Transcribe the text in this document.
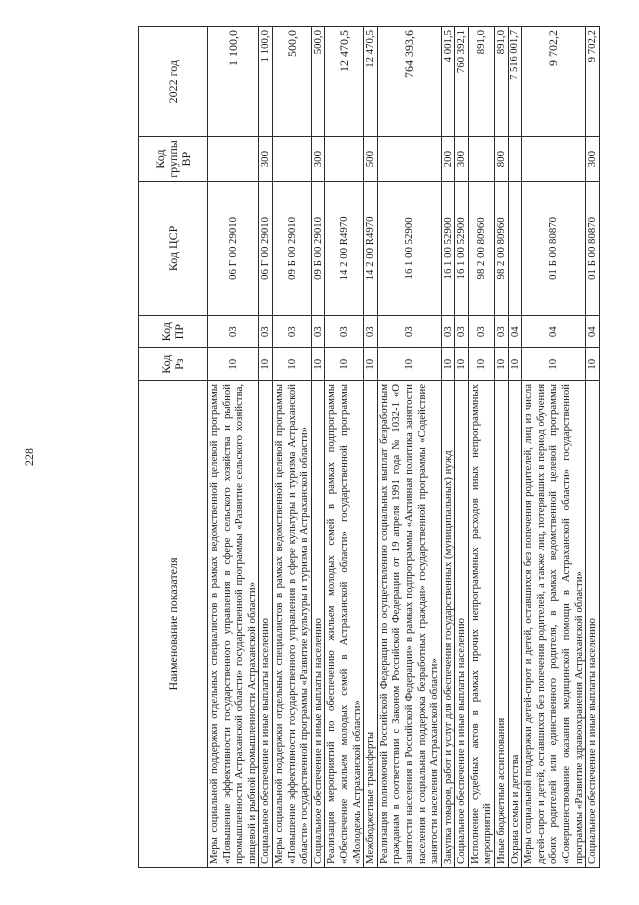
228
Наименование показателя	Код Рз	Код ПР	Код ЦСР	Код группы ВР	2022 год
Меры социальной поддержки отдельных специалистов в рамках ведомственной целевой программы «Повышение эффективности государственного управления в сфере сельского хозяйства и рыбной промышленности Астраханской области» государственной программы «Развитие сельского хозяйства, пищевой и рыбной промышленности Астраханской области»	10	03	06 Г 00 29010		1 100,0
Социальное обеспечение и иные выплаты населению	10	03	06 Г 00 29010	300	1 100,0
Меры социальной поддержки отдельных специалистов в рамках ведомственной целевой программы «Повышение эффективности государственного управления в сфере культуры и туризма Астраханской области» государственной программы «Развитие культуры и туризма в Астраханской области»	10	03	09 Б 00 29010		500,0
Социальное обеспечение и иные выплаты населению	10	03	09 Б 00 29010	300	500,0
Реализация мероприятий по обеспечению жильем молодых семей в рамках подпрограммы «Обеспечение жильем молодых семей в Астраханской области» государственной программы «Молодежь Астраханской области»	10	03	14 2 00 R4970		12 470,5
Межбюджетные трансферты	10	03	14 2 00 R4970	500	12 470,5
Реализация полномочий Российской Федерации по осуществлению социальных выплат безработным гражданам в соответствии с Законом Российской Федерации от 19 апреля 1991 года № 1032-1 «О занятости населения в Российской Федерации» в рамках подпрограммы «Активная политика занятости населения и социальная поддержка безработных граждан» государственной программы «Содействие занятости населения Астраханской области»	10	03	16 1 00 52900		764 393,6
Закупка товаров, работ и услуг для обеспечения государственных (муниципальных) нужд	10	03	16 1 00 52900	200	4 001,5
Социальное обеспечение и иные выплаты населению	10	03	16 1 00 52900	300	760 392,1
Исполнение судебных актов в рамках прочих непрограммных расходов иных непрограммных мероприятий	10	03	98 2 00 80960		891,0
Иные бюджетные ассигнования	10	03	98 2 00 80960	800	891,0
Охрана семьи и детства	10	04			7 516 001,7
Меры социальной поддержки детей-сирот и детей, оставшихся без попечения родителей, лиц из числа детей-сирот и детей, оставшихся без попечения родителей, а также лиц, потерявших в период обучения обоих родителей или единственного родителя, в рамках ведомственной целевой программы «Совершенствование оказания медицинской помощи в Астраханской области» государственной программы «Развитие здравоохранения Астраханской области»	10	04	01 Б 00 80870		9 702,2
Социальное обеспечение и иные выплаты населению	10	04	01 Б 00 80870	300	9 702,2
